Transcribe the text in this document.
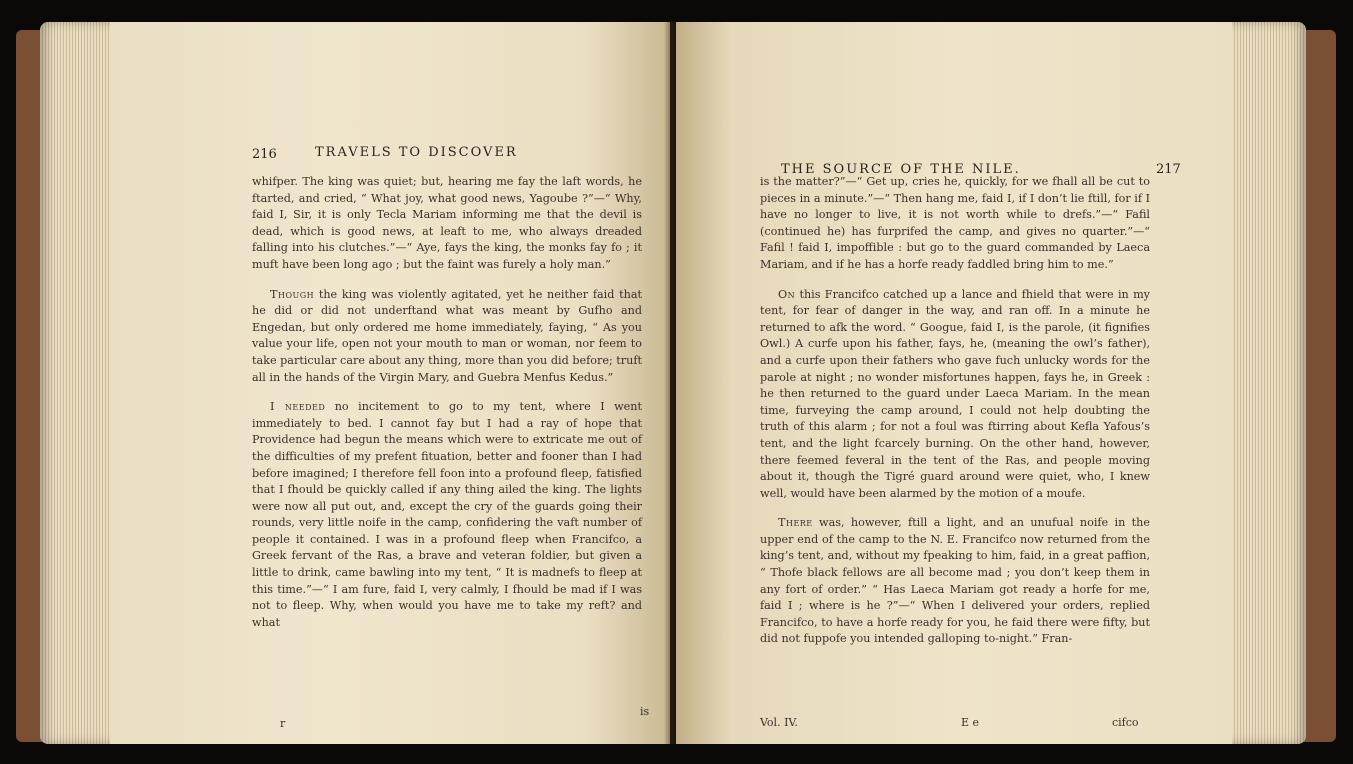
216	TRAVELS TO DISCOVER

whifper. The king was quiet; but, hearing me fay the laft words, he ftarted, and cried, “ What joy, what good news, Yagoube ?”—“ Why, faid I, Sir, it is only Tecla Mariam informing me that the devil is dead, which is good news, at leaft to me, who always dreaded falling into his clutches.”—“ Aye, fays the king, the monks fay fo ; it muft have been long ago ; but the faint was furely a holy man.”

Though the king was violently agitated, yet he neither faid that he did or did not underftand what was meant by Gufho and Engedan, but only ordered me home immediately, faying, “ As you value your life, open not your mouth to man or woman, nor feem to take particular care about any thing, more than you did before; truft all in the hands of the Virgin Mary, and Guebra Menfus Kedus.”

I needed no incitement to go to my tent, where I went immediately to bed. I cannot fay but I had a ray of hope that Providence had begun the means which were to extricate me out of the difficulties of my prefent fituation, better and fooner than I had before imagined; I therefore fell foon into a profound fleep, fatisfied that I fhould be quickly called if any thing ailed the king. The lights were now all put out, and, except the cry of the guards going their rounds, very little noife in the camp, confidering the vaft number of people it contained. I was in a profound fleep when Francifco, a Greek fervant of the Ras, a brave and veteran foldier, but given a little to drink, came bawling into my tent, “ It is madnefs to fleep at this time.”—“ I am fure, faid I, very calmly, I fhould be mad if I was not to fleep. Why, when would you have me to take my reft? and what

r
is
THE SOURCE OF THE NILE.	217

is the matter?”—“ Get up, cries he, quickly, for we fhall all be cut to pieces in a minute.”—“ Then hang me, faid I, if I don’t lie ftill, for if I have no longer to live, it is not worth while to drefs.”—“ Fafil (continued he) has furprifed the camp, and gives no quarter.”—“ Fafil ! faid I, impoffible : but go to the guard commanded by Laeca Mariam, and if he has a horfe ready faddled bring him to me.”

On this Francifco catched up a lance and fhield that were in my tent, for fear of danger in the way, and ran off. In a minute he returned to afk the word. “ Googue, faid I, is the parole, (it fignifies Owl.) A curfe upon his father, fays, he, (meaning the owl’s father), and a curfe upon their fathers who gave fuch unlucky words for the parole at night ; no wonder misfortunes happen, fays he, in Greek : he then returned to the guard under Laeca Mariam. In the mean time, furveying the camp around, I could not help doubting the truth of this alarm ; for not a foul was ftirring about Kefla Yafous’s tent, and the light fcarcely burning. On the other hand, however, there feemed feveral in the tent of the Ras, and people moving about it, though the Tigré guard around were quiet, who, I knew well, would have been alarmed by the motion of a moufe.

There was, however, ftill a light, and an unufual noife in the upper end of the camp to the N. E. Francifco now returned from the king’s tent, and, without my fpeaking to him, faid, in a great paffion, “ Thofe black fellows are all become mad ; you don’t keep them in any fort of order.” “ Has Laeca Mariam got ready a horfe for me, faid I ; where is he ?”—“ When I delivered your orders, replied Francifco, to have a horfe ready for you, he faid there were fifty, but did not fuppofe you intended galloping to-night.” Fran-

Vol. IV.	E e	cifco
